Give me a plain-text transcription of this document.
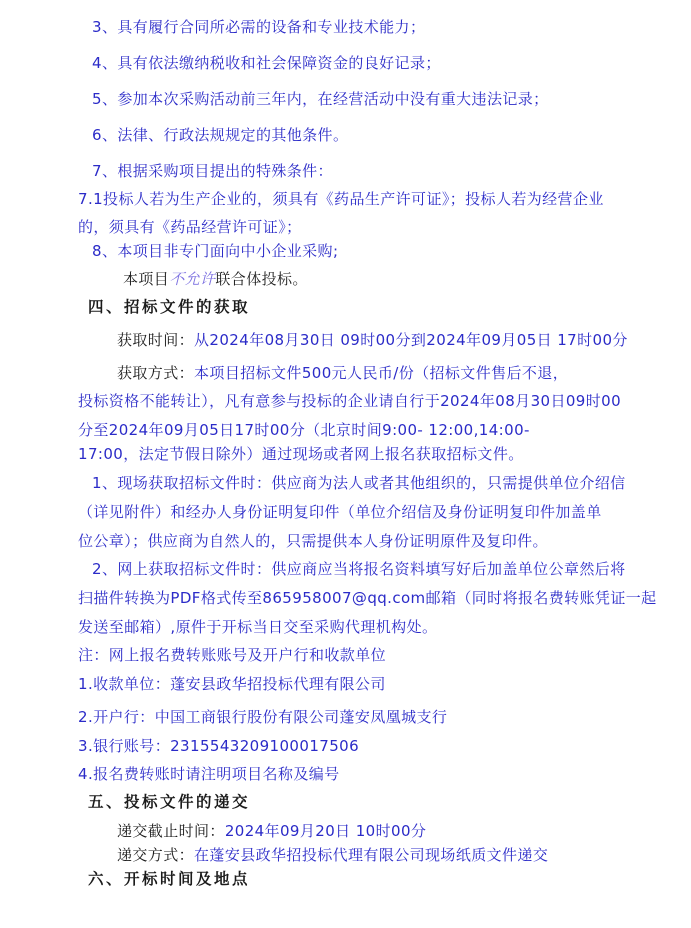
3、具有履行合同所必需的设备和专业技术能力；
4、具有依法缴纳税收和社会保障资金的良好记录；
5、参加本次采购活动前三年内，在经营活动中没有重大违法记录；
6、法律、行政法规规定的其他条件。
7、根据采购项目提出的特殊条件：
7.1投标人若为生产企业的，须具有《药品生产许可证》；投标人若为经营企业
的，须具有《药品经营许可证》；
8、本项目非专门面向中小企业采购;
本项目不允许联合体投标。
四、招标文件的获取
获取时间：从2024年08月30日 09时00分到2024年09月05日 17时00分
获取方式：本项目招标文件500元人民币/份（招标文件售后不退，
投标资格不能转让），凡有意参与投标的企业请自行于2024年08月30日09时00
分至2024年09月05日17时00分（北京时间9:00- 12:00,14:00-
17:00，法定节假日除外）通过现场或者网上报名获取招标文件。
1、现场获取招标文件时：供应商为法人或者其他组织的，只需提供单位介绍信
（详见附件）和经办人身份证明复印件（单位介绍信及身份证明复印件加盖单
位公章）；供应商为自然人的，只需提供本人身份证明原件及复印件。
2、网上获取招标文件时：供应商应当将报名资料填写好后加盖单位公章然后将
扫描件转换为PDF格式传至865958007@qq.com邮箱（同时将报名费转账凭证一起
发送至邮箱）,原件于开标当日交至采购代理机构处。
注：网上报名费转账账号及开户行和收款单位
1.收款单位：蓬安县政华招投标代理有限公司
2.开户行：中国工商银行股份有限公司蓬安凤凰城支行
3.银行账号：2315543209100017506
4.报名费转账时请注明项目名称及编号
五、投标文件的递交
递交截止时间：2024年09月20日 10时00分
递交方式：在蓬安县政华招投标代理有限公司现场纸质文件递交
六、开标时间及地点
